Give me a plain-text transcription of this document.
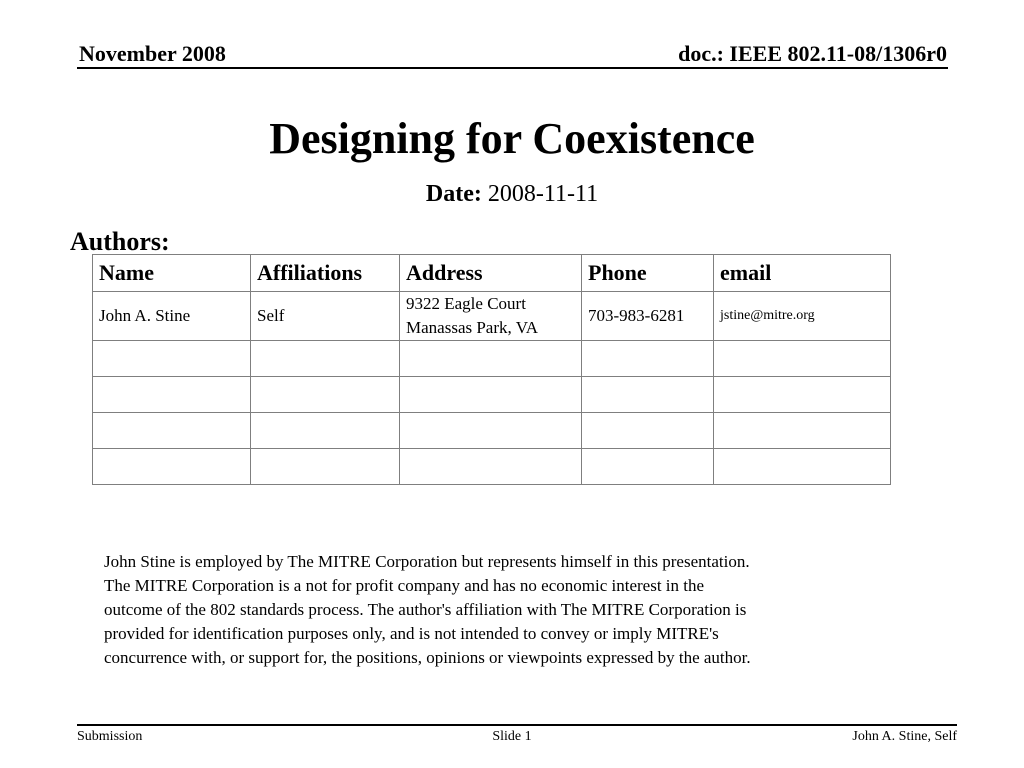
November 2008	doc.: IEEE 802.11-08/1306r0
Designing for Coexistence
Date: 2008-11-11
Authors:
Name	Affiliations	Address	Phone	email
John A. Stine	Self	9322 Eagle Court
Manassas Park, VA	703-983-6281	jstine@mitre.org

John Stine is employed by The MITRE Corporation but represents himself in this presentation.
The MITRE Corporation is a not for profit company and has no economic interest in the
outcome of the 802 standards process. The author's affiliation with The MITRE Corporation is
provided for identification purposes only, and is not intended to convey or imply MITRE's
concurrence with, or support for, the positions, opinions or viewpoints expressed by the author.
Submission	Slide 1	John A. Stine, Self
